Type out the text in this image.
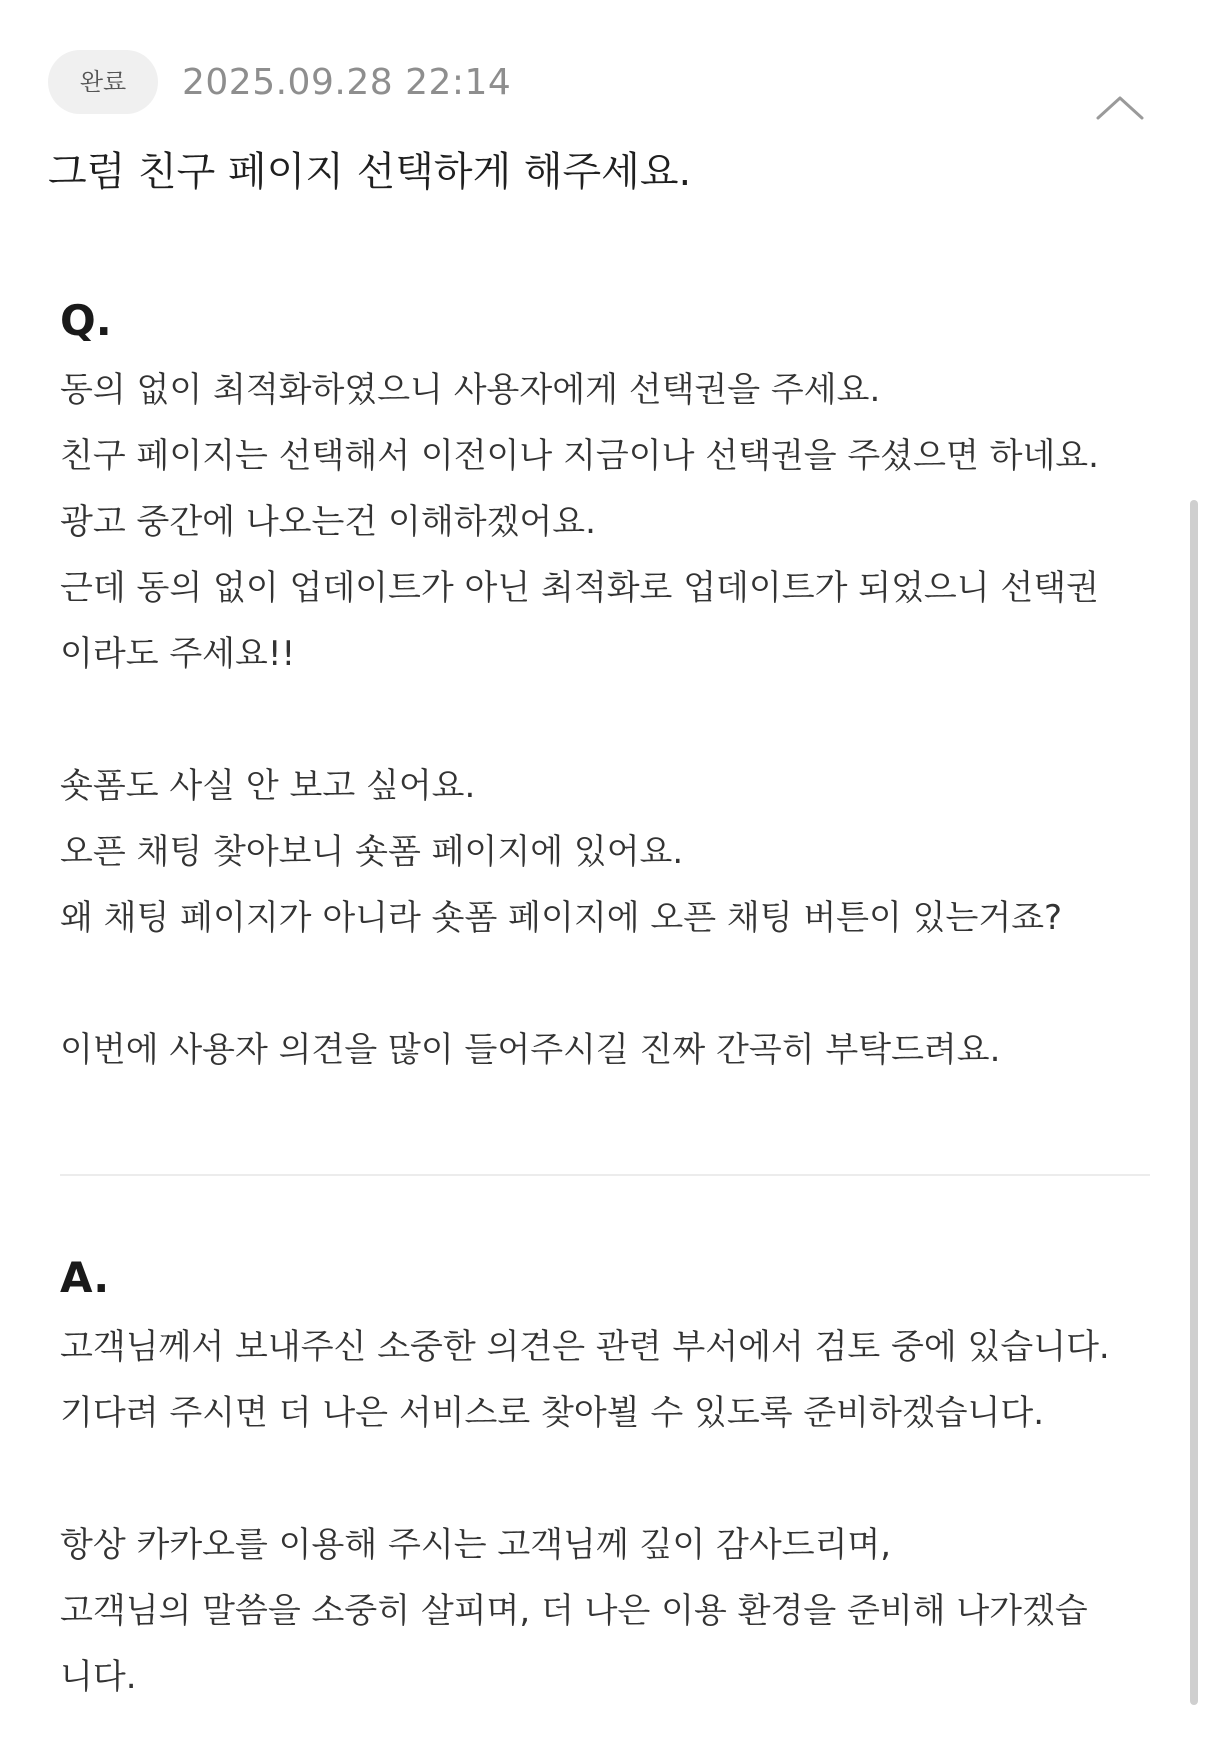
완료	2025.09.28 22:14
그럼 친구 페이지 선택하게 해주세요.

Q.

동의 없이 최적화하였으니 사용자에게 선택권을 주세요.
친구 페이지는 선택해서 이전이나 지금이나 선택권을 주셨으면 하네요.
광고 중간에 나오는건 이해하겠어요.
근데 동의 없이 업데이트가 아닌 최적화로 업데이트가 되었으니 선택권
이라도 주세요!!
숏폼도 사실 안 보고 싶어요.
오픈 채팅 찾아보니 숏폼 페이지에 있어요.
왜 채팅 페이지가 아니라 숏폼 페이지에 오픈 채팅 버튼이 있는거죠?
이번에 사용자 의견을 많이 들어주시길 진짜 간곡히 부탁드려요.

A.

고객님께서 보내주신 소중한 의견은 관련 부서에서 검토 중에 있습니다.
기다려 주시면 더 나은 서비스로 찾아뵐 수 있도록 준비하겠습니다.
항상 카카오를 이용해 주시는 고객님께 깊이 감사드리며,
고객님의 말씀을 소중히 살피며, 더 나은 이용 환경을 준비해 나가겠습
니다.
